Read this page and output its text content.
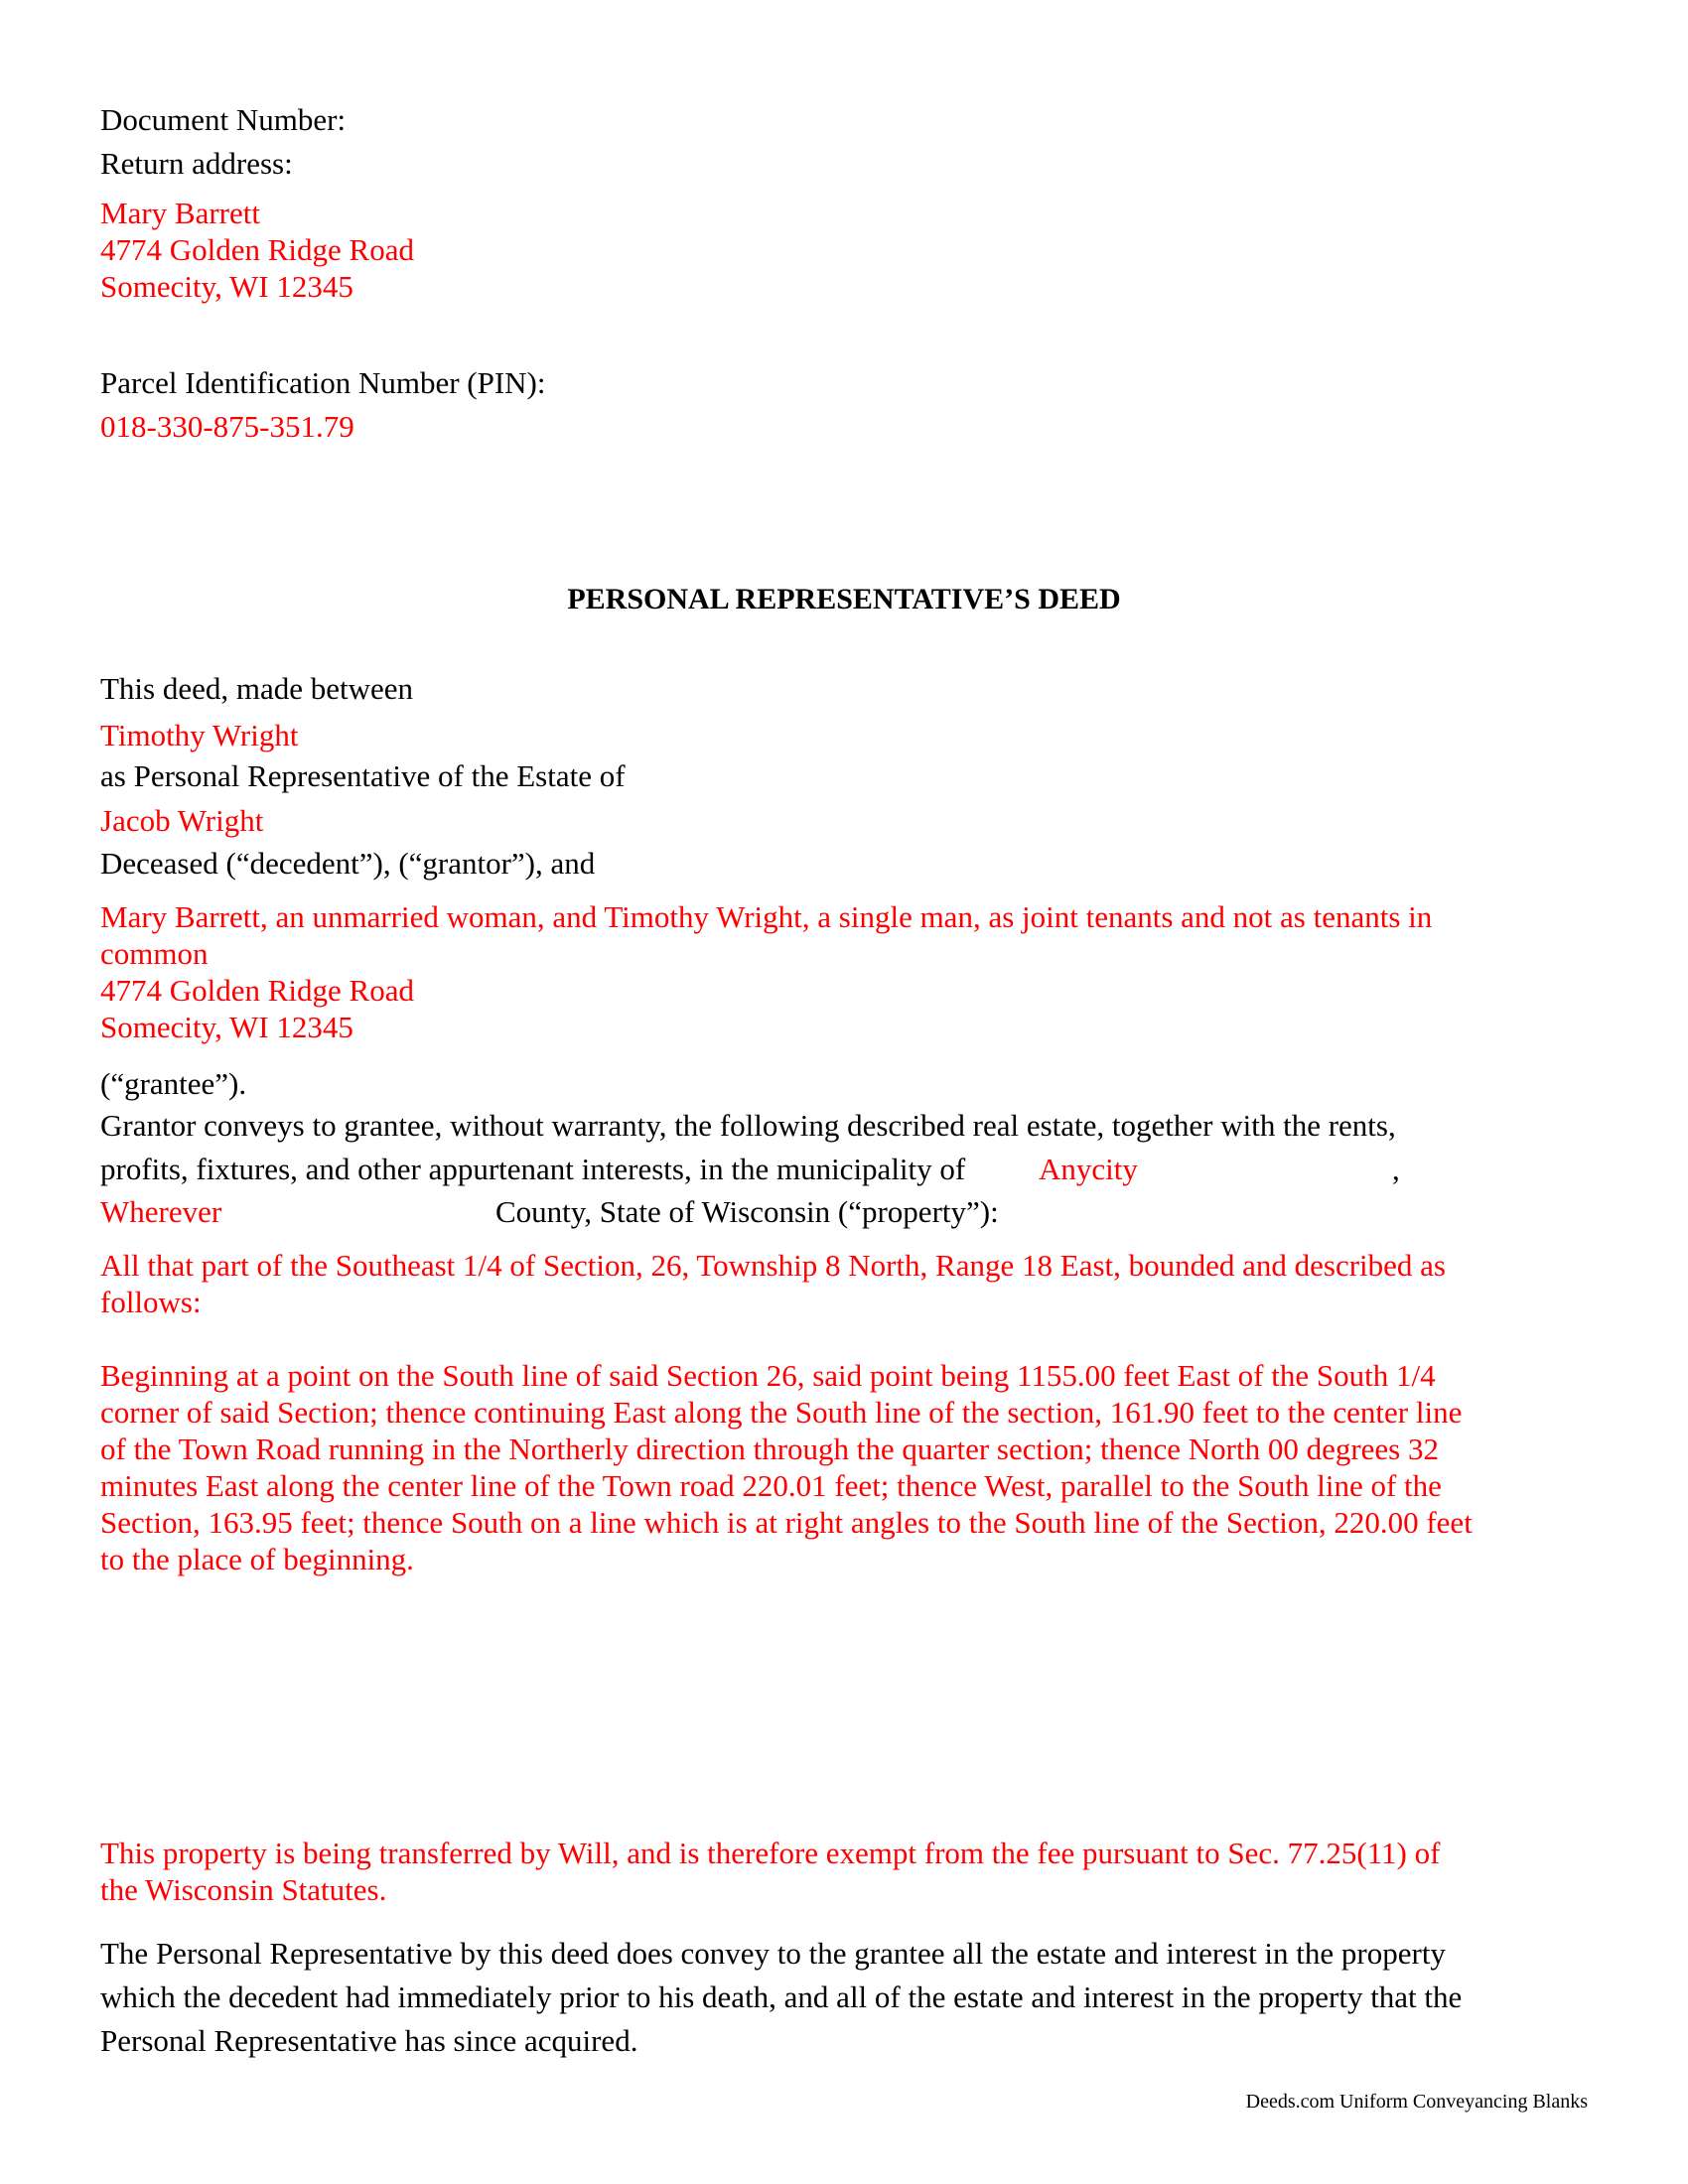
Document Number:

Return address:

Mary Barrett
4774 Golden Ridge Road
Somecity, WI 12345

Parcel Identification Number (PIN):

018-330-875-351.79

PERSONAL REPRESENTATIVE’S DEED

This deed, made between

Timothy Wright

as Personal Representative of the Estate of

Jacob Wright

Deceased (“decedent”), (“grantor”), and

Mary Barrett, an unmarried woman, and Timothy Wright, a single man, as joint tenants and not as tenants in
common
4774 Golden Ridge Road
Somecity, WI 12345

(“grantee”).

Grantor conveys to grantee, without warranty, the following described real estate, together with the rents,

profits, fixtures, and other appurtenant interests, in the municipality of Anycity	,

Wherever	County, State of Wisconsin (“property”):

All that part of the Southeast 1/4 of Section, 26, Township 8 North, Range 18 East, bounded and described as
follows:
Beginning at a point on the South line of said Section 26, said point being 1155.00 feet East of the South 1/4
corner of said Section; thence continuing East along the South line of the section, 161.90 feet to the center line
of the Town Road running in the Northerly direction through the quarter section; thence North 00 degrees 32
minutes East along the center line of the Town road 220.01 feet; thence West, parallel to the South line of the
Section, 163.95 feet; thence South on a line which is at right angles to the South line of the Section, 220.00 feet
to the place of beginning.
This property is being transferred by Will, and is therefore exempt from the fee pursuant to Sec. 77.25(11) of
the Wisconsin Statutes.
The Personal Representative by this deed does convey to the grantee all the estate and interest in the property
which the decedent had immediately prior to his death, and all of the estate and interest in the property that the
Personal Representative has since acquired.
Deeds.com Uniform Conveyancing Blanks
